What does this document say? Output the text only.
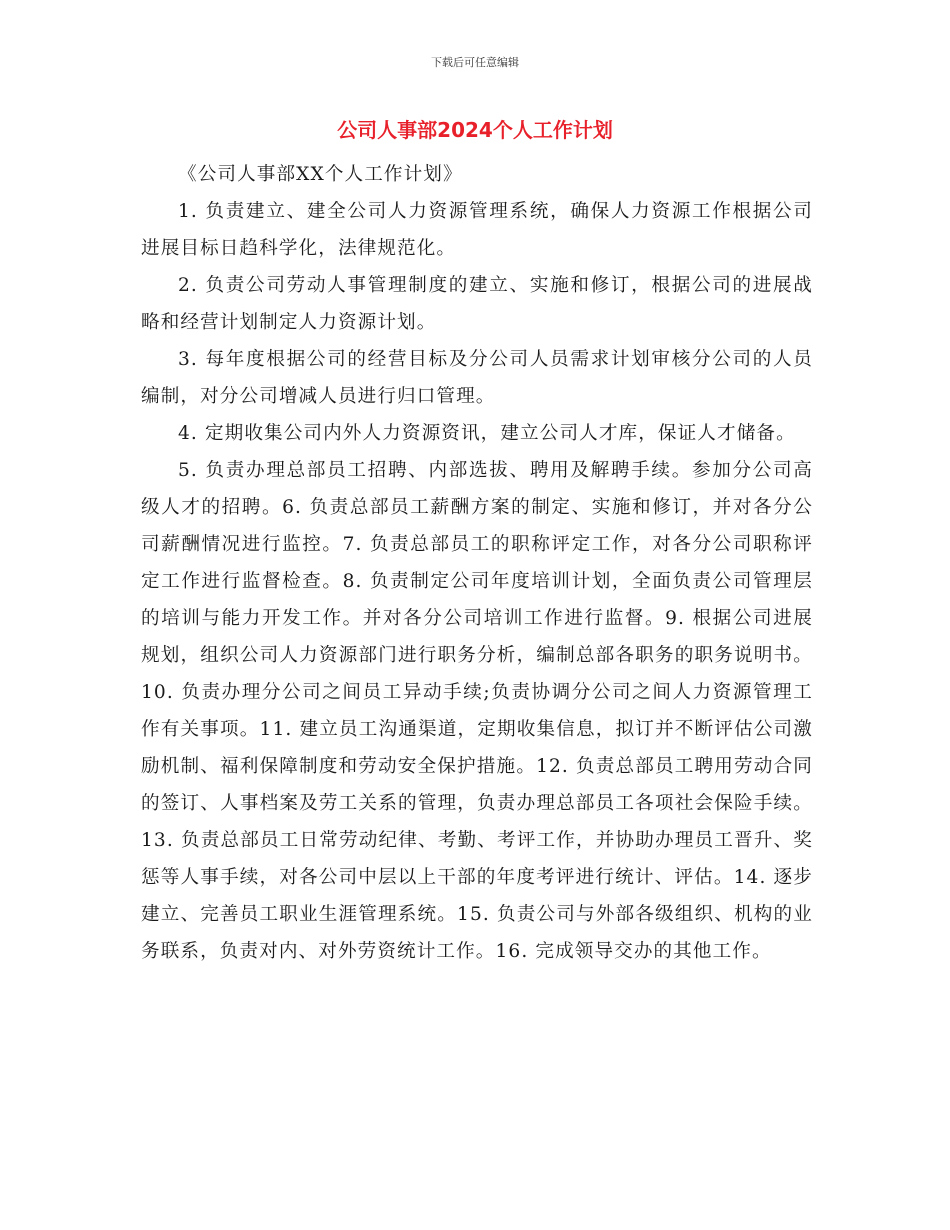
下载后可任意编辑
公司人事部2024个人工作计划

《公司人事部XX个人工作计划》

1. 负责建立、建全公司人力资源管理系统，确保人力资源工作根据公司进展目标日趋科学化，法律规范化。

2. 负责公司劳动人事管理制度的建立、实施和修订，根据公司的进展战略和经营计划制定人力资源计划。

3. 每年度根据公司的经营目标及分公司人员需求计划审核分公司的人员编制，对分公司增减人员进行归口管理。

4. 定期收集公司内外人力资源资讯，建立公司人才库，保证人才储备。

5. 负责办理总部员工招聘、内部选拔、聘用及解聘手续。参加分公司高级人才的招聘。6. 负责总部员工薪酬方案的制定、实施和修订，并对各分公司薪酬情况进行监控。7. 负责总部员工的职称评定工作，对各分公司职称评定工作进行监督检查。8. 负责制定公司年度培训计划，全面负责公司管理层的培训与能力开发工作。并对各分公司培训工作进行监督。9. 根据公司进展规划，组织公司人力资源部门进行职务分析，编制总部各职务的职务说明书。10. 负责办理分公司之间员工异动手续;负责协调分公司之间人力资源管理工作有关事项。11. 建立员工沟通渠道，定期收集信息，拟订并不断评估公司激励机制、福利保障制度和劳动安全保护措施。12. 负责总部员工聘用劳动合同的签订、人事档案及劳工关系的管理，负责办理总部员工各项社会保险手续。13. 负责总部员工日常劳动纪律、考勤、考评工作，并协助办理员工晋升、奖惩等人事手续，对各公司中层以上干部的年度考评进行统计、评估。14. 逐步建立、完善员工职业生涯管理系统。15. 负责公司与外部各级组织、机构的业务联系，负责对内、对外劳资统计工作。16. 完成领导交办的其他工作。
